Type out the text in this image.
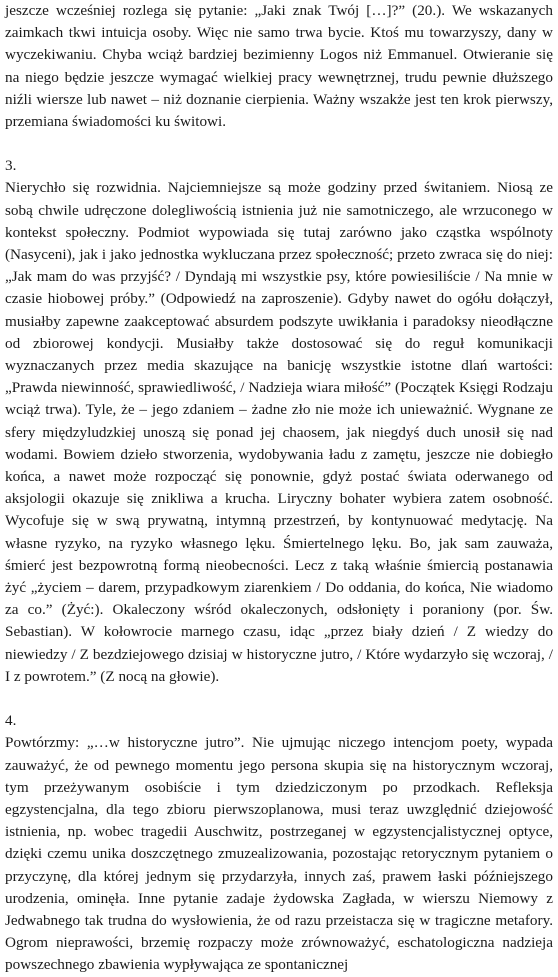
jeszcze wcześniej rozlega się pytanie: „Jaki znak Twój […]?” (20.). We wskazanych zaimkach tkwi intuicja osoby. Więc nie samo trwa bycie. Ktoś mu towarzyszy, dany w wyczekiwaniu. Chyba wciąż bardziej bezimienny Logos niż Emmanuel. Otwieranie się na niego będzie jeszcze wymagać wielkiej pracy wewnętrznej, trudu pewnie dłuższego niźli wiersze lub nawet – niż doznanie cierpienia. Ważny wszakże jest ten krok pierwszy, przemiana świadomości ku świtowi.

3.

Nierychło się rozwidnia. Najciemniejsze są może godziny przed świtaniem. Niosą ze sobą chwile udręczone dolegliwością istnienia już nie samotniczego, ale wrzuconego w kontekst społeczny. Podmiot wypowiada się tutaj zarówno jako cząstka wspólnoty (Nasyceni), jak i jako jednostka wykluczana przez społeczność; przeto zwraca się do niej: „Jak mam do was przyjść? / Dyndają mi wszystkie psy, które powiesiliście / Na mnie w czasie hiobowej próby.” (Odpowiedź na zaproszenie). Gdyby nawet do ogółu dołączył, musiałby zapewne zaakceptować absurdem podszyte uwikłania i paradoksy nieodłączne od zbiorowej kondycji. Musiałby także dostosować się do reguł komunikacji wyznaczanych przez media skazujące na banicję wszystkie istotne dlań wartości: „Prawda niewinność, sprawiedliwość, / Nadzieja wiara miłość” (Początek Księgi Rodzaju wciąż trwa). Tyle, że – jego zdaniem – żadne zło nie może ich unieważnić. Wygnane ze sfery międzyludzkiej unoszą się ponad jej chaosem, jak niegdyś duch unosił się nad wodami. Bowiem dzieło stworzenia, wydobywania ładu z zamętu, jeszcze nie dobiegło końca, a nawet może rozpocząć się ponownie, gdyż postać świata oderwanego od aksjologii okazuje się znikliwa a krucha. Liryczny bohater wybiera zatem osobność. Wycofuje się w swą prywatną, intymną przestrzeń, by kontynuować medytację. Na własne ryzyko, na ryzyko własnego lęku. Śmiertelnego lęku. Bo, jak sam zauważa, śmierć jest bezpowrotną formą nieobecności. Lecz z taką właśnie śmiercią postanawia żyć „życiem – darem, przypadkowym ziarenkiem / Do oddania, do końca, Nie wiadomo za co.” (Żyć:). Okaleczony wśród okaleczonych, odsłonięty i poraniony (por. Św. Sebastian). W kołowrocie marnego czasu, idąc „przez biały dzień / Z wiedzy do niewiedzy / Z bezdziejowego dzisiaj w historyczne jutro, / Które wydarzyło się wczoraj, / I z powrotem.” (Z nocą na głowie).

4.

Powtórzmy: „…w historyczne jutro”. Nie ujmując niczego intencjom poety, wypada zauważyć, że od pewnego momentu jego persona skupia się na historycznym wczoraj, tym przeżywanym osobiście i tym dziedziczonym po przodkach. Refleksja egzystencjalna, dla tego zbioru pierwszoplanowa, musi teraz uwzględnić dziejowość istnienia, np. wobec tragedii Auschwitz, postrzeganej w egzystencjalistycznej optyce, dzięki czemu unika doszczętnego zmuzealizowania, pozostając retorycznym pytaniem o przyczynę, dla której jednym się przydarzyła, innych zaś, prawem łaski późniejszego urodzenia, ominęła. Inne pytanie zadaje żydowska Zagłada, w wierszu Niemowy z Jedwabnego tak trudna do wysłowienia, że od razu przeistacza się w tragiczne metafory. Ogrom nieprawości, brzemię rozpaczy może zrównoważyć, eschatologiczna nadzieja powszechnego zbawienia wypływająca ze spontanicznej
